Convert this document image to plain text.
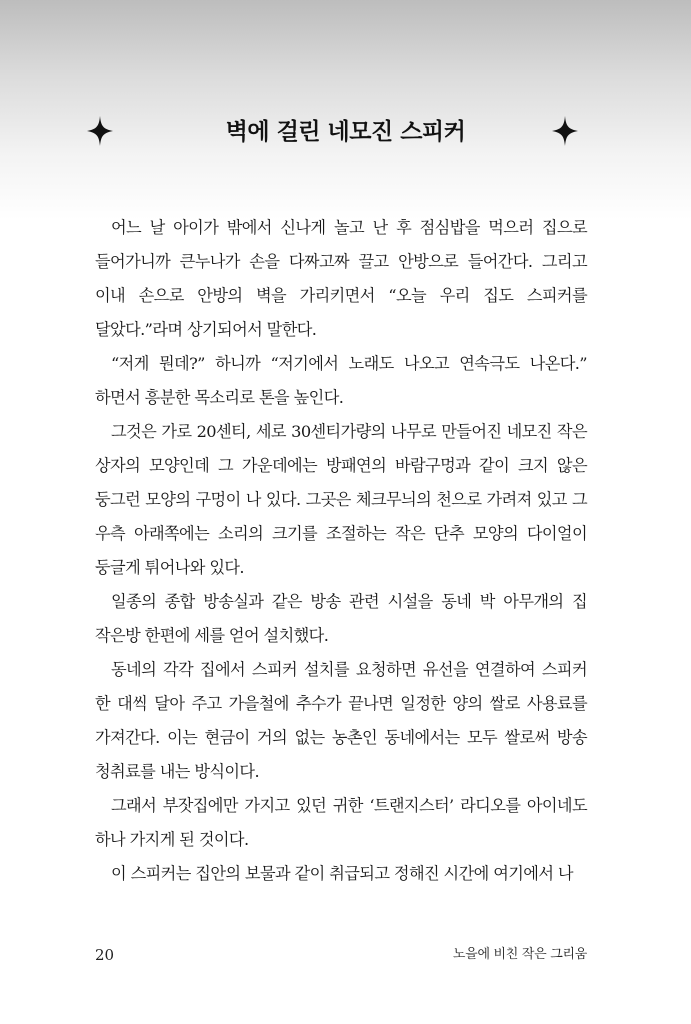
벽에 걸린 네모진 스피커

어느 날 아이가 밖에서 신나게 놀고 난 후 점심밥을 먹으러 집으로 들어가니까 큰누나가 손을 다짜고짜 끌고 안방으로 들어간다. 그리고 이내 손으로 안방의 벽을 가리키면서 “오늘 우리 집도 스피커를 달았다.”라며 상기되어서 말한다.

“저게 뭔데?” 하니까 “저기에서 노래도 나오고 연속극도 나온다.” 하면서 흥분한 목소리로 톤을 높인다.

그것은 가로 20센티, 세로 30센티가량의 나무로 만들어진 네모진 작은 상자의 모양인데 그 가운데에는 방패연의 바람구멍과 같이 크지 않은 둥그런 모양의 구멍이 나 있다. 그곳은 체크무늬의 천으로 가려져 있고 그 우측 아래쪽에는 소리의 크기를 조절하는 작은 단추 모양의 다이얼이 둥글게 튀어나와 있다.

일종의 종합 방송실과 같은 방송 관련 시설을 동네 박 아무개의 집 작은방 한편에 세를 얻어 설치했다.

동네의 각각 집에서 스피커 설치를 요청하면 유선을 연결하여 스피커 한 대씩 달아 주고 가을철에 추수가 끝나면 일정한 양의 쌀로 사용료를 가져간다. 이는 현금이 거의 없는 농촌인 동네에서는 모두 쌀로써 방송 청취료를 내는 방식이다.

그래서 부잣집에만 가지고 있던 귀한 ‘트랜지스터’ 라디오를 아이네도 하나 가지게 된 것이다.

이 스피커는 집안의 보물과 같이 취급되고 정해진 시간에 여기에서 나

20	노을에 비친 작은 그리움
